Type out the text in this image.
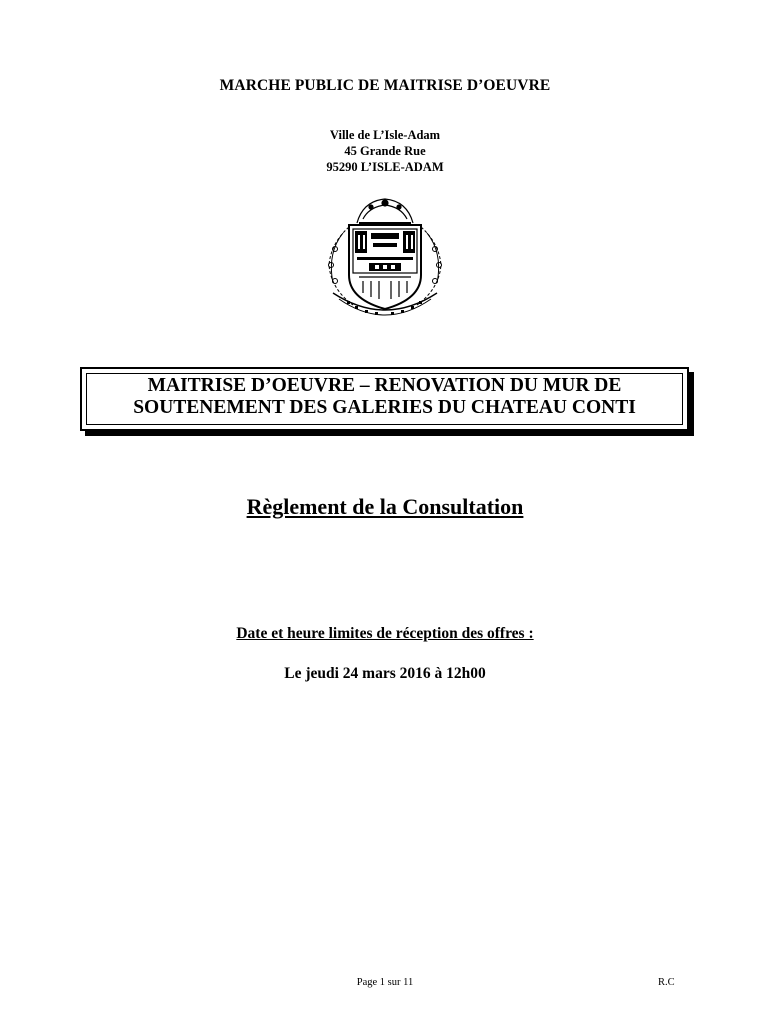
MARCHE PUBLIC DE MAITRISE D’OEUVRE
Ville de L’Isle-Adam
45 Grande Rue
95290 L’ISLE-ADAM
MAITRISE D’OEUVRE – RENOVATION DU MUR DE
SOUTENEMENT DES GALERIES DU CHATEAU CONTI
Règlement de la Consultation
Date et heure limites de réception des offres :
Le jeudi 24 mars 2016 à 12h00
Page 1 sur 11	R.C
